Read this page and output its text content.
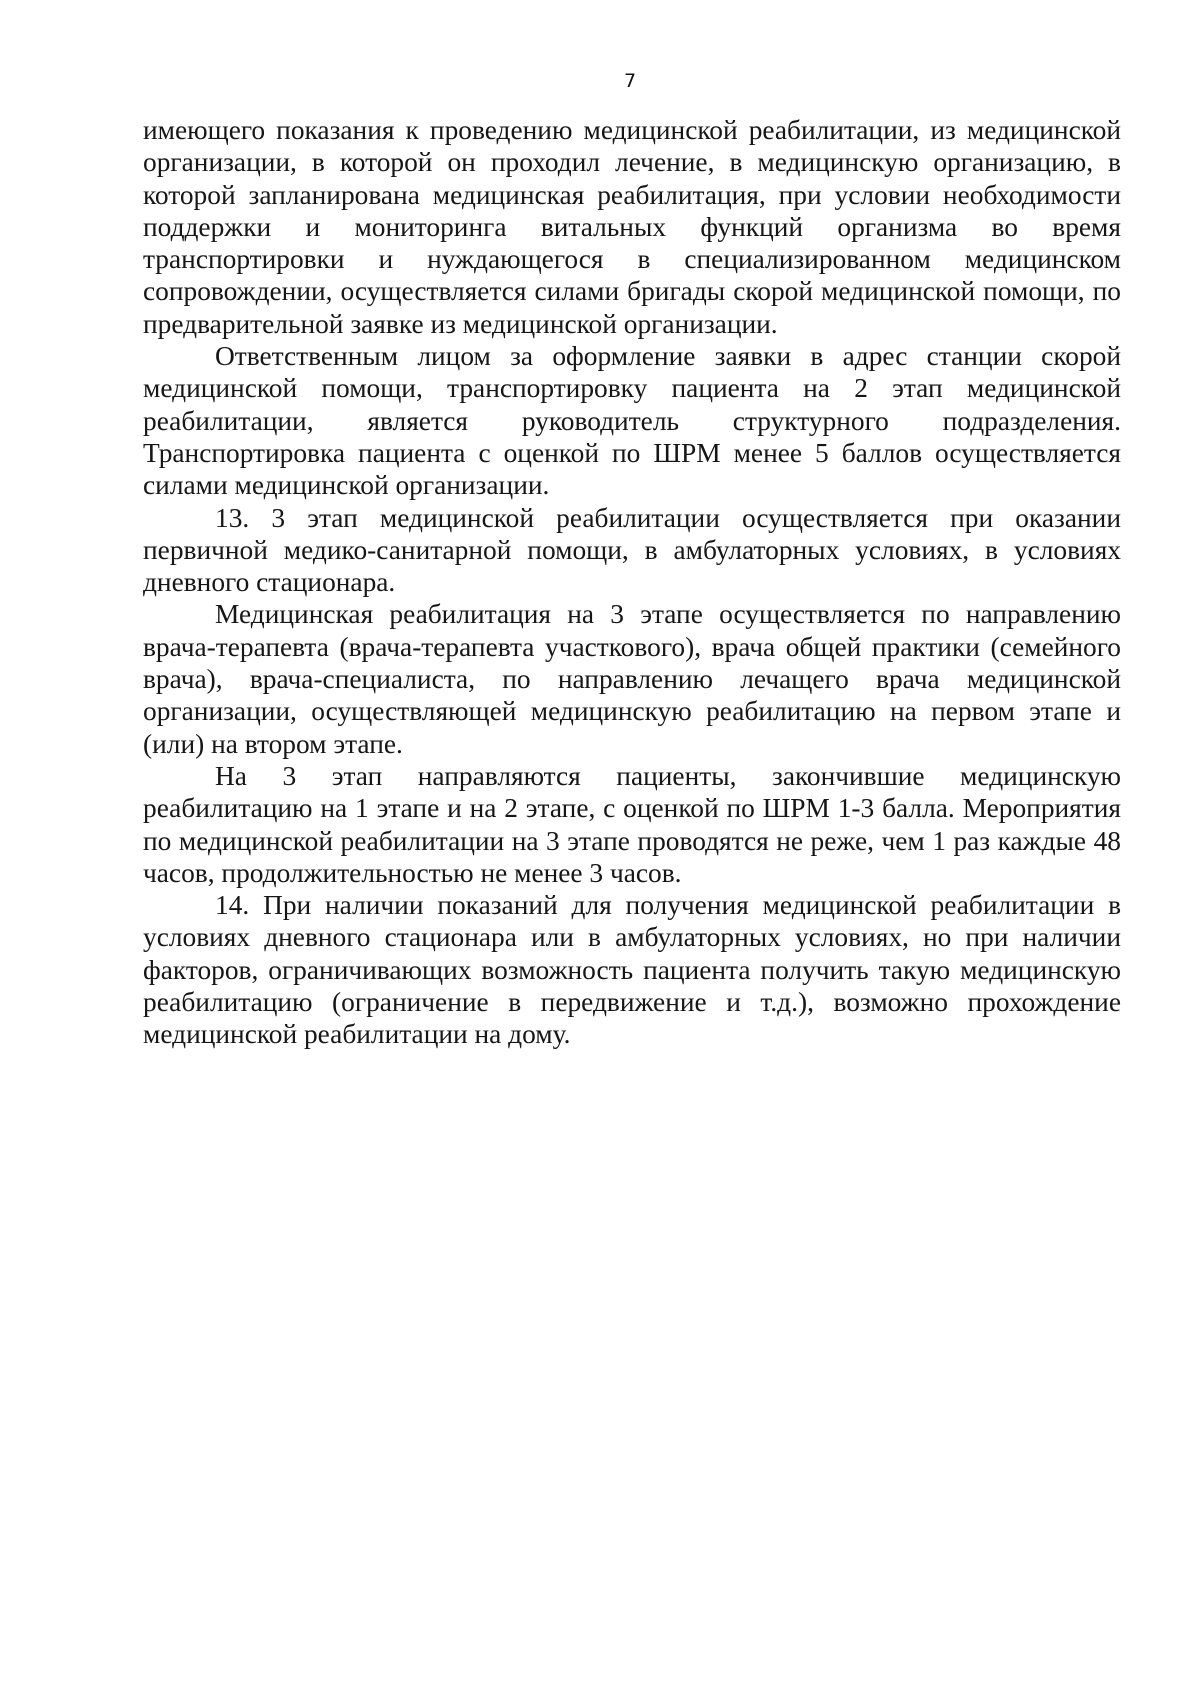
7

имеющего показания к проведению медицинской реабилитации, из медицинской организации, в которой он проходил лечение, в медицинскую организацию, в которой запланирована медицинская реабилитация, при условии необходимости поддержки и мониторинга витальных функций организма во время транспортировки и нуждающегося в специализированном медицинском сопровождении, осуществляется силами бригады скорой медицинской помощи, по предварительной заявке из медицинской организации.

Ответственным лицом за оформление заявки в адрес станции скорой медицинской помощи, транспортировку пациента на 2 этап медицинской реабилитации, является руководитель структурного подразделения. Транспортировка пациента с оценкой по ШРМ менее 5 баллов осуществляется силами медицинской организации.

13. 3 этап медицинской реабилитации осуществляется при оказании первичной медико-санитарной помощи, в амбулаторных условиях, в условиях дневного стационара.

Медицинская реабилитация на 3 этапе осуществляется по направлению врача-терапевта (врача-терапевта участкового), врача общей практики (семейного врача), врача-специалиста, по направлению лечащего врача медицинской организации, осуществляющей медицинскую реабилитацию на первом этапе и (или) на втором этапе.

На 3 этап направляются пациенты, закончившие медицинскую реабилитацию на 1 этапе и на 2 этапе, с оценкой по ШРМ 1-3 балла. Мероприятия по медицинской реабилитации на 3 этапе проводятся не реже, чем 1 раз каждые 48 часов, продолжительностью не менее 3 часов.

14. При наличии показаний для получения медицинской реабилитации в условиях дневного стационара или в амбулаторных условиях, но при наличии факторов, ограничивающих возможность пациента получить такую медицинскую реабилитацию (ограничение в передвижение и т.д.), возможно прохождение медицинской реабилитации на дому.
